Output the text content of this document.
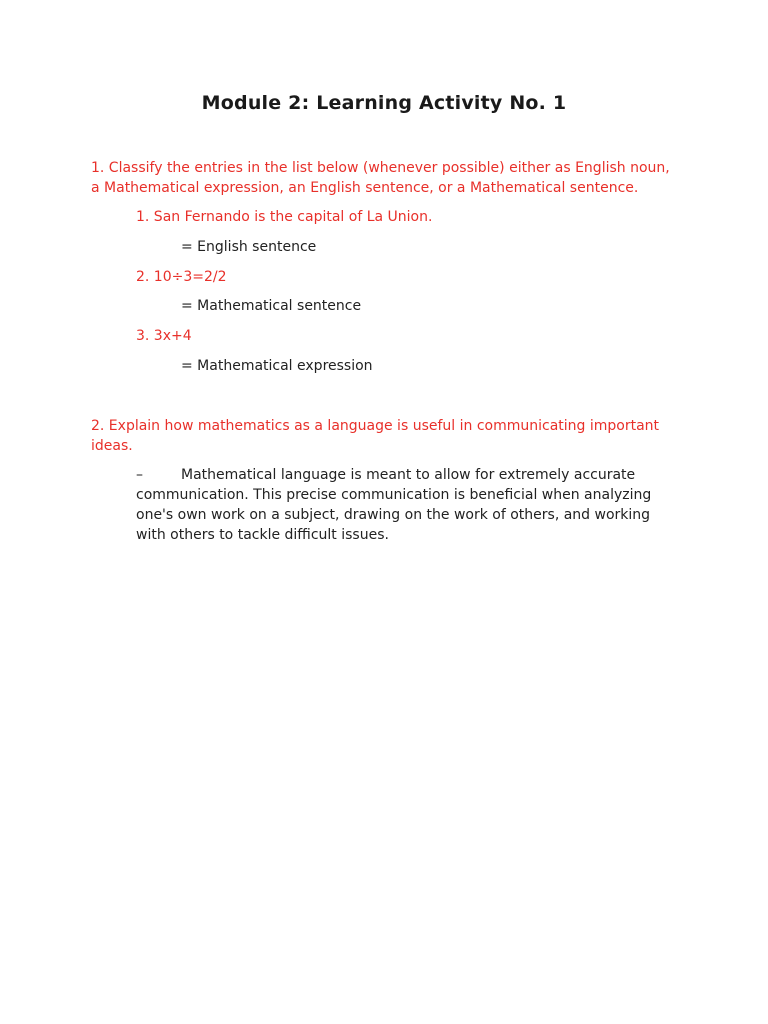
Module 2: Learning Activity No. 1
1. Classify the entries in the list below (whenever possible) either as English noun, a Mathematical expression, an English sentence, or a Mathematical sentence.
1. San Fernando is the capital of La Union.
= English sentence
2. 10÷3=2/2
= Mathematical sentence
3. 3x+4
= Mathematical expression
2. Explain how mathematics as a language is useful in communicating important ideas.
–	Mathematical language is meant to allow for extremely accurate communication. This precise communication is beneficial when analyzing one's own work on a subject, drawing on the work of others, and working with others to tackle difficult issues.
